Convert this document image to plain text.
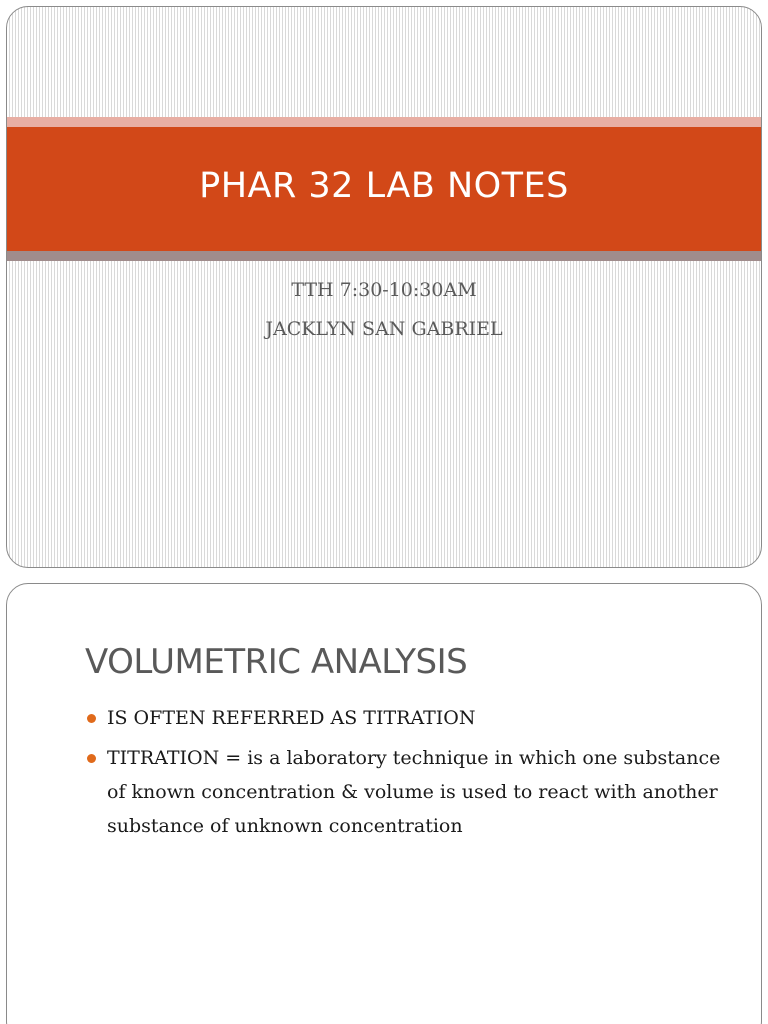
PHAR 32 LAB NOTES
TTH 7:30-10:30AM
JACKLYN SAN GABRIEL
VOLUMETRIC ANALYSIS
IS OFTEN REFERRED AS TITRATION
TITRATION = is a laboratory technique in which one substance of known concentration & volume is used to react with another substance of unknown concentration
